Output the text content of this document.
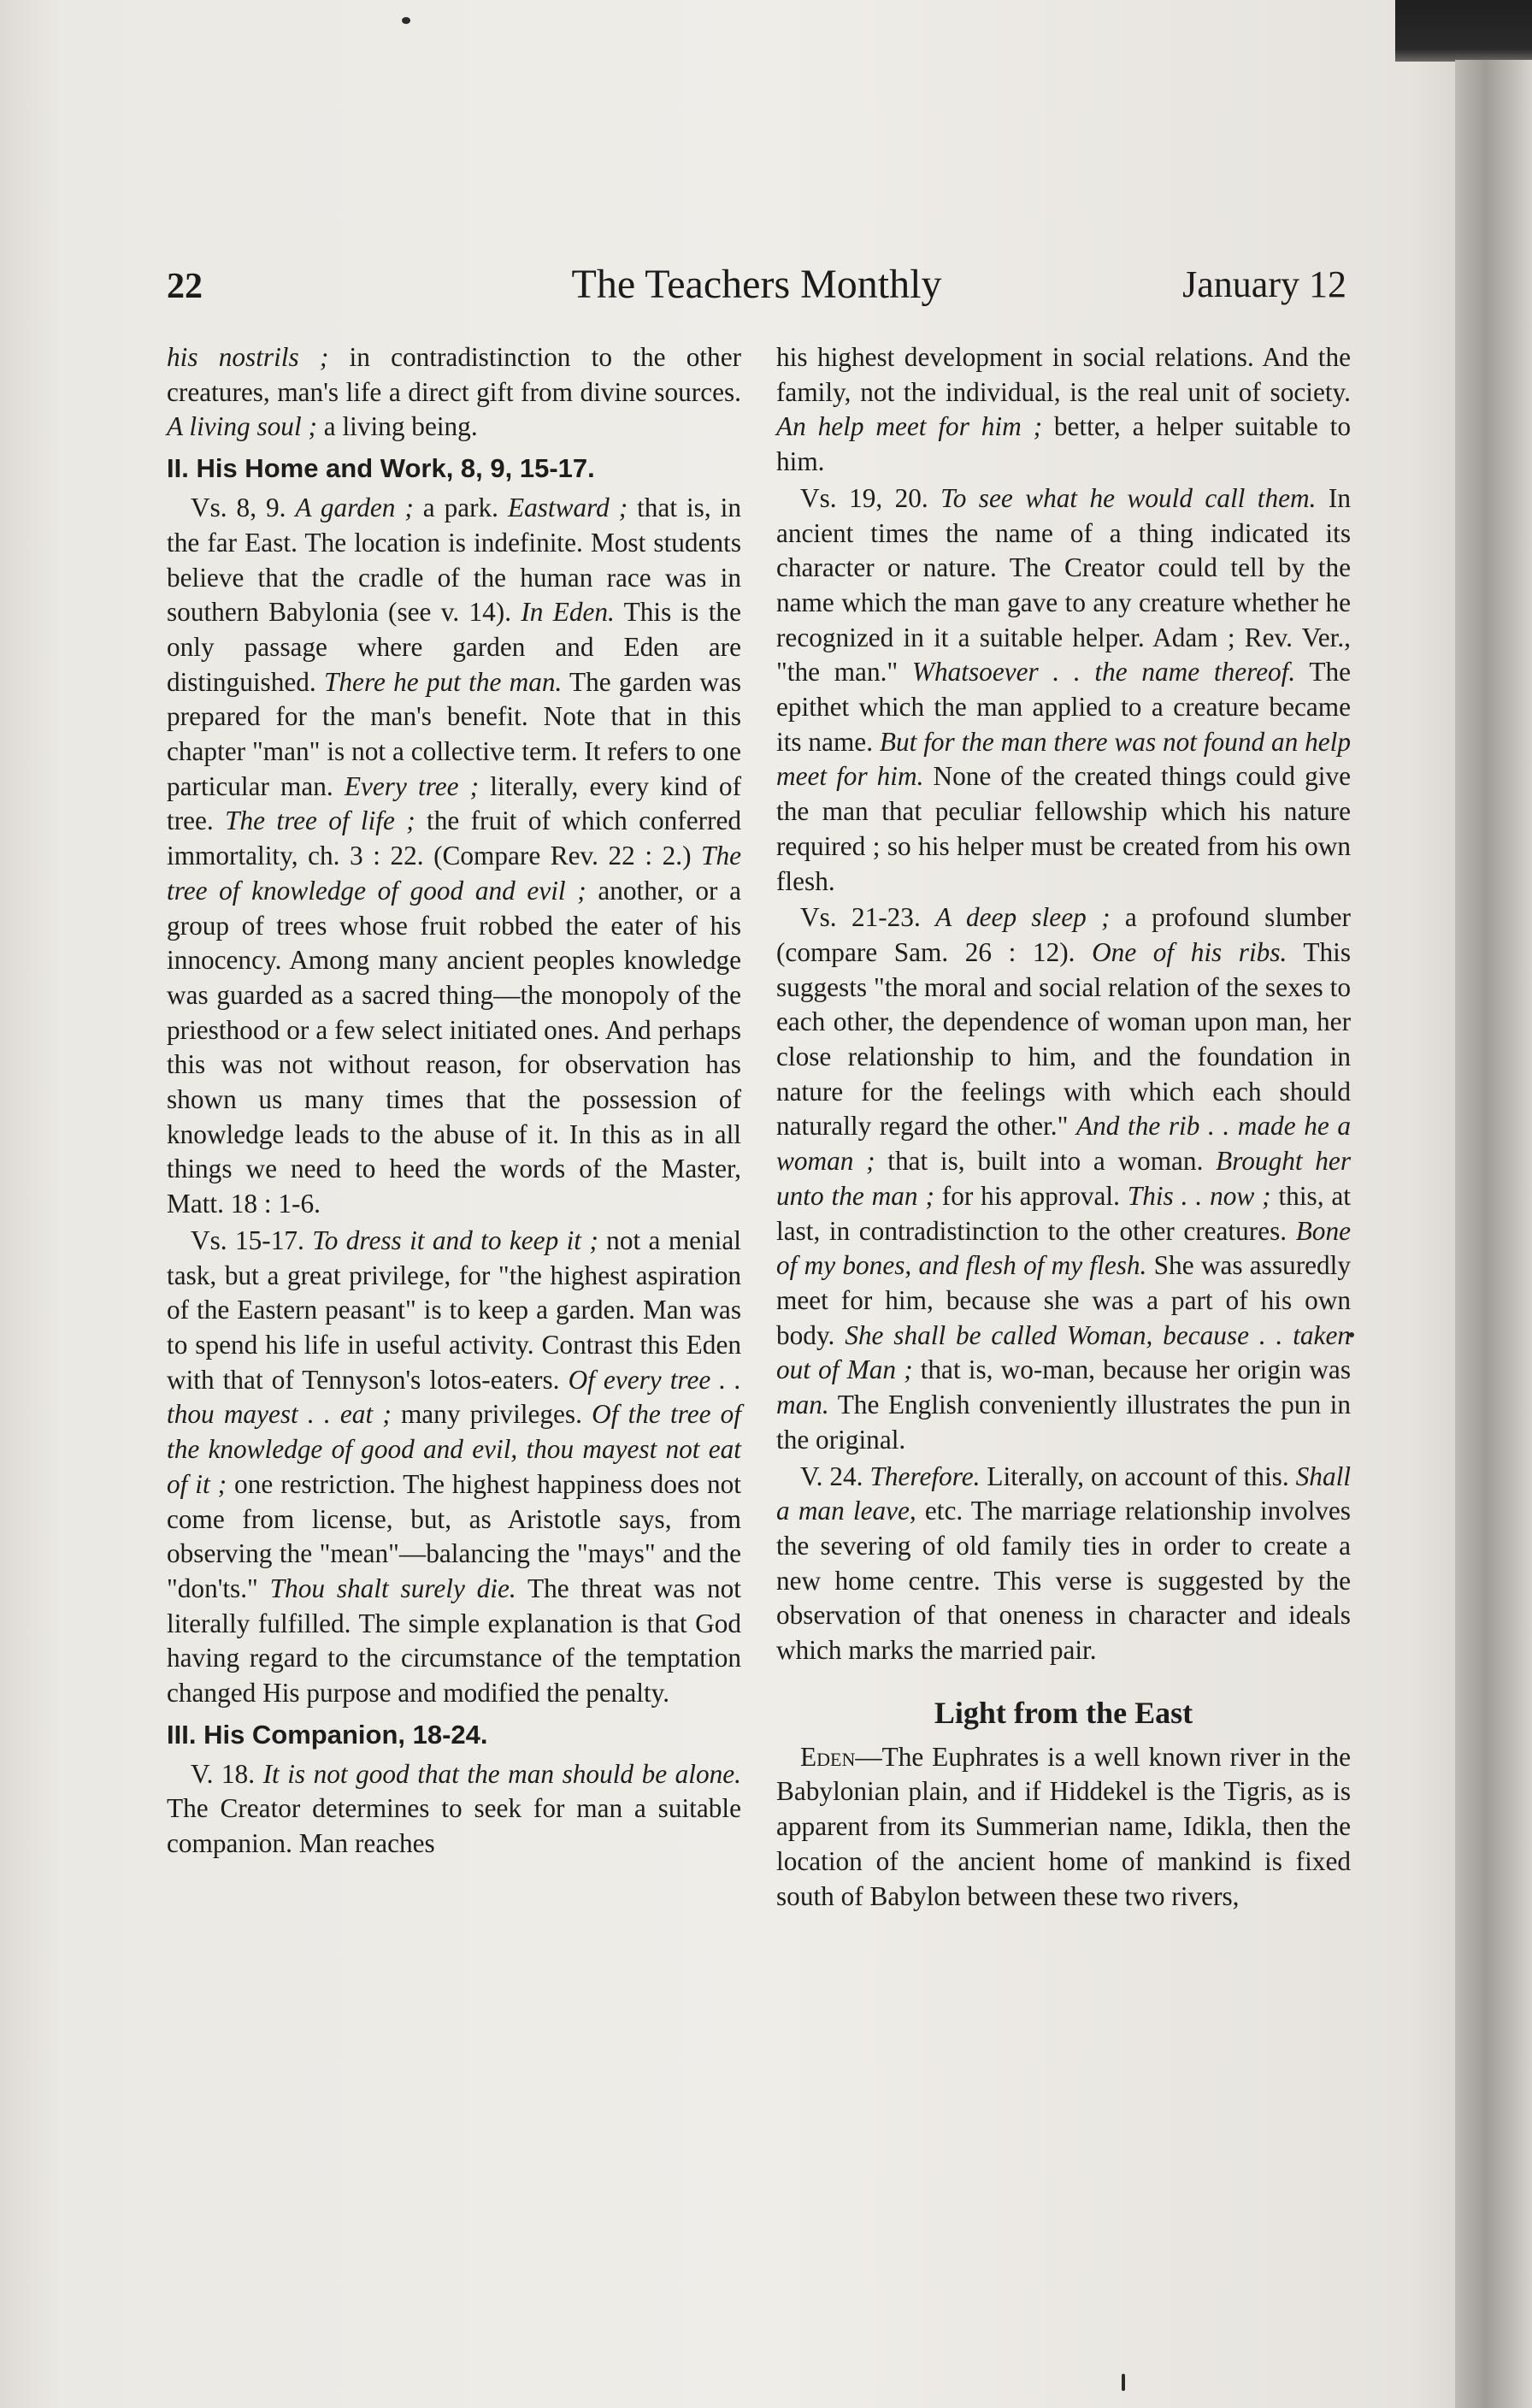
22	The Teachers Monthly	January 12

his nostrils ; in contradistinction to the other creatures, man's life a direct gift from divine sources. A living soul ; a living being.

II. His Home and Work, 8, 9, 15-17.

Vs. 8, 9. A garden ; a park. Eastward ; that is, in the far East. The location is indefinite. Most students believe that the cradle of the human race was in southern Babylonia (see v. 14). In Eden. This is the only passage where garden and Eden are distinguished. There he put the man. The garden was prepared for the man's benefit. Note that in this chapter "man" is not a collective term. It refers to one particular man. Every tree ; literally, every kind of tree. The tree of life ; the fruit of which conferred immortality, ch. 3 : 22. (Compare Rev. 22 : 2.) The tree of knowledge of good and evil ; another, or a group of trees whose fruit robbed the eater of his innocency. Among many ancient peoples knowledge was guarded as a sacred thing—the monopoly of the priesthood or a few select initiated ones. And perhaps this was not without reason, for observation has shown us many times that the possession of knowledge leads to the abuse of it. In this as in all things we need to heed the words of the Master, Matt. 18 : 1-6.

Vs. 15-17. To dress it and to keep it ; not a menial task, but a great privilege, for "the highest aspiration of the Eastern peasant" is to keep a garden. Man was to spend his life in useful activity. Contrast this Eden with that of Tennyson's lotos-eaters. Of every tree . . thou mayest . . eat ; many privileges. Of the tree of the knowledge of good and evil, thou mayest not eat of it ; one restriction. The highest happiness does not come from license, but, as Aristotle says, from observing the "mean"—balancing the "mays" and the "don'ts." Thou shalt surely die. The threat was not literally fulfilled. The simple explanation is that God having regard to the circumstance of the temptation changed His purpose and modified the penalty.

III. His Companion, 18-24.

V. 18. It is not good that the man should be alone. The Creator determines to seek for man a suitable companion. Man reaches

his highest development in social relations. And the family, not the individual, is the real unit of society. An help meet for him ; better, a helper suitable to him.

Vs. 19, 20. To see what he would call them. In ancient times the name of a thing indicated its character or nature. The Creator could tell by the name which the man gave to any creature whether he recognized in it a suitable helper. Adam ; Rev. Ver., "the man." Whatsoever . . the name thereof. The epithet which the man applied to a creature became its name. But for the man there was not found an help meet for him. None of the created things could give the man that peculiar fellowship which his nature required ; so his helper must be created from his own flesh.

Vs. 21-23. A deep sleep ; a profound slumber (compare Sam. 26 : 12). One of his ribs. This suggests "the moral and social relation of the sexes to each other, the dependence of woman upon man, her close relationship to him, and the foundation in nature for the feelings with which each should naturally regard the other." And the rib . . made he a woman ; that is, built into a woman. Brought her unto the man ; for his approval. This . . now ; this, at last, in contradistinction to the other creatures. Bone of my bones, and flesh of my flesh. She was assuredly meet for him, because she was a part of his own body. She shall be called Woman, because . . taken out of Man ; that is, wo-man, because her origin was man. The English conveniently illustrates the pun in the original.

V. 24. Therefore. Literally, on account of this. Shall a man leave, etc. The marriage relationship involves the severing of old family ties in order to create a new home centre. This verse is suggested by the observation of that oneness in character and ideals which marks the married pair.

Light from the East

Eden—The Euphrates is a well known river in the Babylonian plain, and if Hiddekel is the Tigris, as is apparent from its Summerian name, Idikla, then the location of the ancient home of mankind is fixed south of Babylon between these two rivers,
